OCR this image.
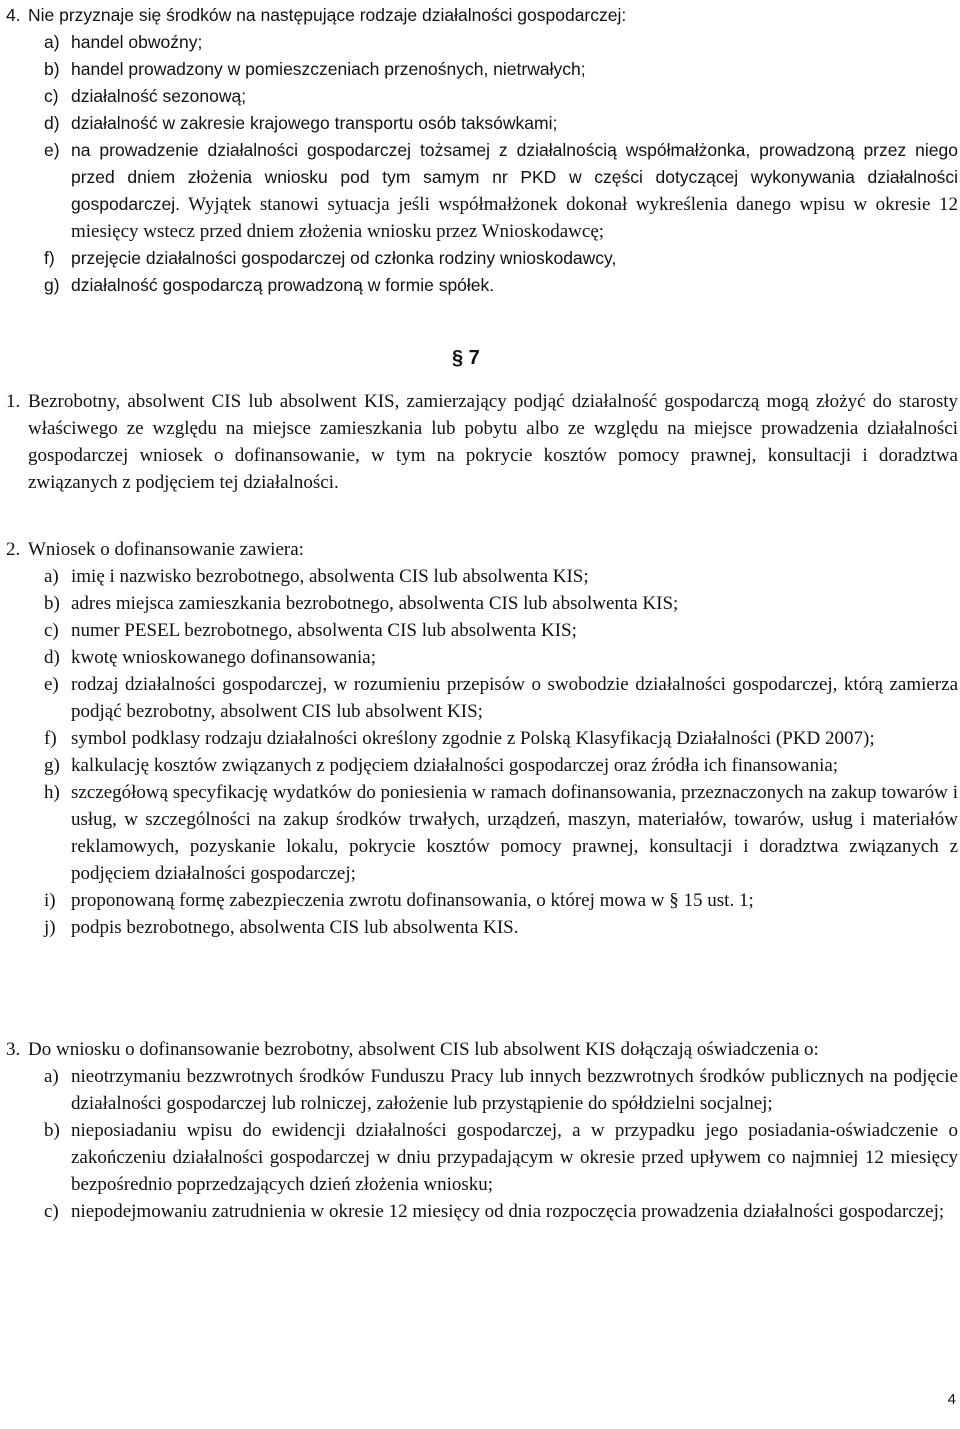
4. Nie przyznaje się środków na następujące rodzaje działalności gospodarczej:
a) handel obwoźny;
b) handel prowadzony w pomieszczeniach przenośnych, nietrwałych;
c) działalność sezonową;
d) działalność w zakresie krajowego transportu osób taksówkami;
e) na prowadzenie działalności gospodarczej tożsamej z działalnością współmałżonka, prowadzoną przez niego przed dniem złożenia wniosku pod tym samym nr PKD w części dotyczącej wykonywania działalności gospodarczej. Wyjątek stanowi sytuacja jeśli współmałżonek dokonał wykreślenia danego wpisu w okresie 12 miesięcy wstecz przed dniem złożenia wniosku przez Wnioskodawcę;
f) przejęcie działalności gospodarczej od członka rodziny wnioskodawcy,
g) działalność gospodarczą prowadzoną w formie spółek.
§ 7
1. Bezrobotny, absolwent CIS lub absolwent KIS, zamierzający podjąć działalność gospodarczą mogą złożyć do starosty właściwego ze względu na miejsce zamieszkania lub pobytu albo ze względu na miejsce prowadzenia działalności gospodarczej wniosek o dofinansowanie, w tym na pokrycie kosztów pomocy prawnej, konsultacji i doradztwa związanych z podjęciem tej działalności.
2. Wniosek o dofinansowanie zawiera:
a) imię i nazwisko bezrobotnego, absolwenta CIS lub absolwenta KIS;
b) adres miejsca zamieszkania bezrobotnego, absolwenta CIS lub absolwenta KIS;
c) numer PESEL bezrobotnego, absolwenta CIS lub absolwenta KIS;
d) kwotę wnioskowanego dofinansowania;
e) rodzaj działalności gospodarczej, w rozumieniu przepisów o swobodzie działalności gospodarczej, którą zamierza podjąć bezrobotny, absolwent CIS lub absolwent KIS;
f) symbol podklasy rodzaju działalności określony zgodnie z Polską Klasyfikacją Działalności (PKD 2007);
g) kalkulację kosztów związanych z podjęciem działalności gospodarczej oraz źródła ich finansowania;
h) szczegółową specyfikację wydatków do poniesienia w ramach dofinansowania, przeznaczonych na zakup towarów i usług, w szczególności na zakup środków trwałych, urządzeń, maszyn, materiałów, towarów, usług i materiałów reklamowych, pozyskanie lokalu, pokrycie kosztów pomocy prawnej, konsultacji i doradztwa związanych z podjęciem działalności gospodarczej;
i) proponowaną formę zabezpieczenia zwrotu dofinansowania, o której mowa w § 15 ust. 1;
j) podpis bezrobotnego, absolwenta CIS lub absolwenta KIS.
3. Do wniosku o dofinansowanie bezrobotny, absolwent CIS lub absolwent KIS dołączają oświadczenia o:
a) nieotrzymaniu bezzwrotnych środków Funduszu Pracy lub innych bezzwrotnych środków publicznych na podjęcie działalności gospodarczej lub rolniczej, założenie lub przystąpienie do spółdzielni socjalnej;
b) nieposiadaniu wpisu do ewidencji działalności gospodarczej, a w przypadku jego posiadania-oświadczenie o zakończeniu działalności gospodarczej w dniu przypadającym w okresie przed upływem co najmniej 12 miesięcy bezpośrednio poprzedzających dzień złożenia wniosku;
c) niepodejmowaniu zatrudnienia w okresie 12 miesięcy od dnia rozpoczęcia prowadzenia działalności gospodarczej;
4
